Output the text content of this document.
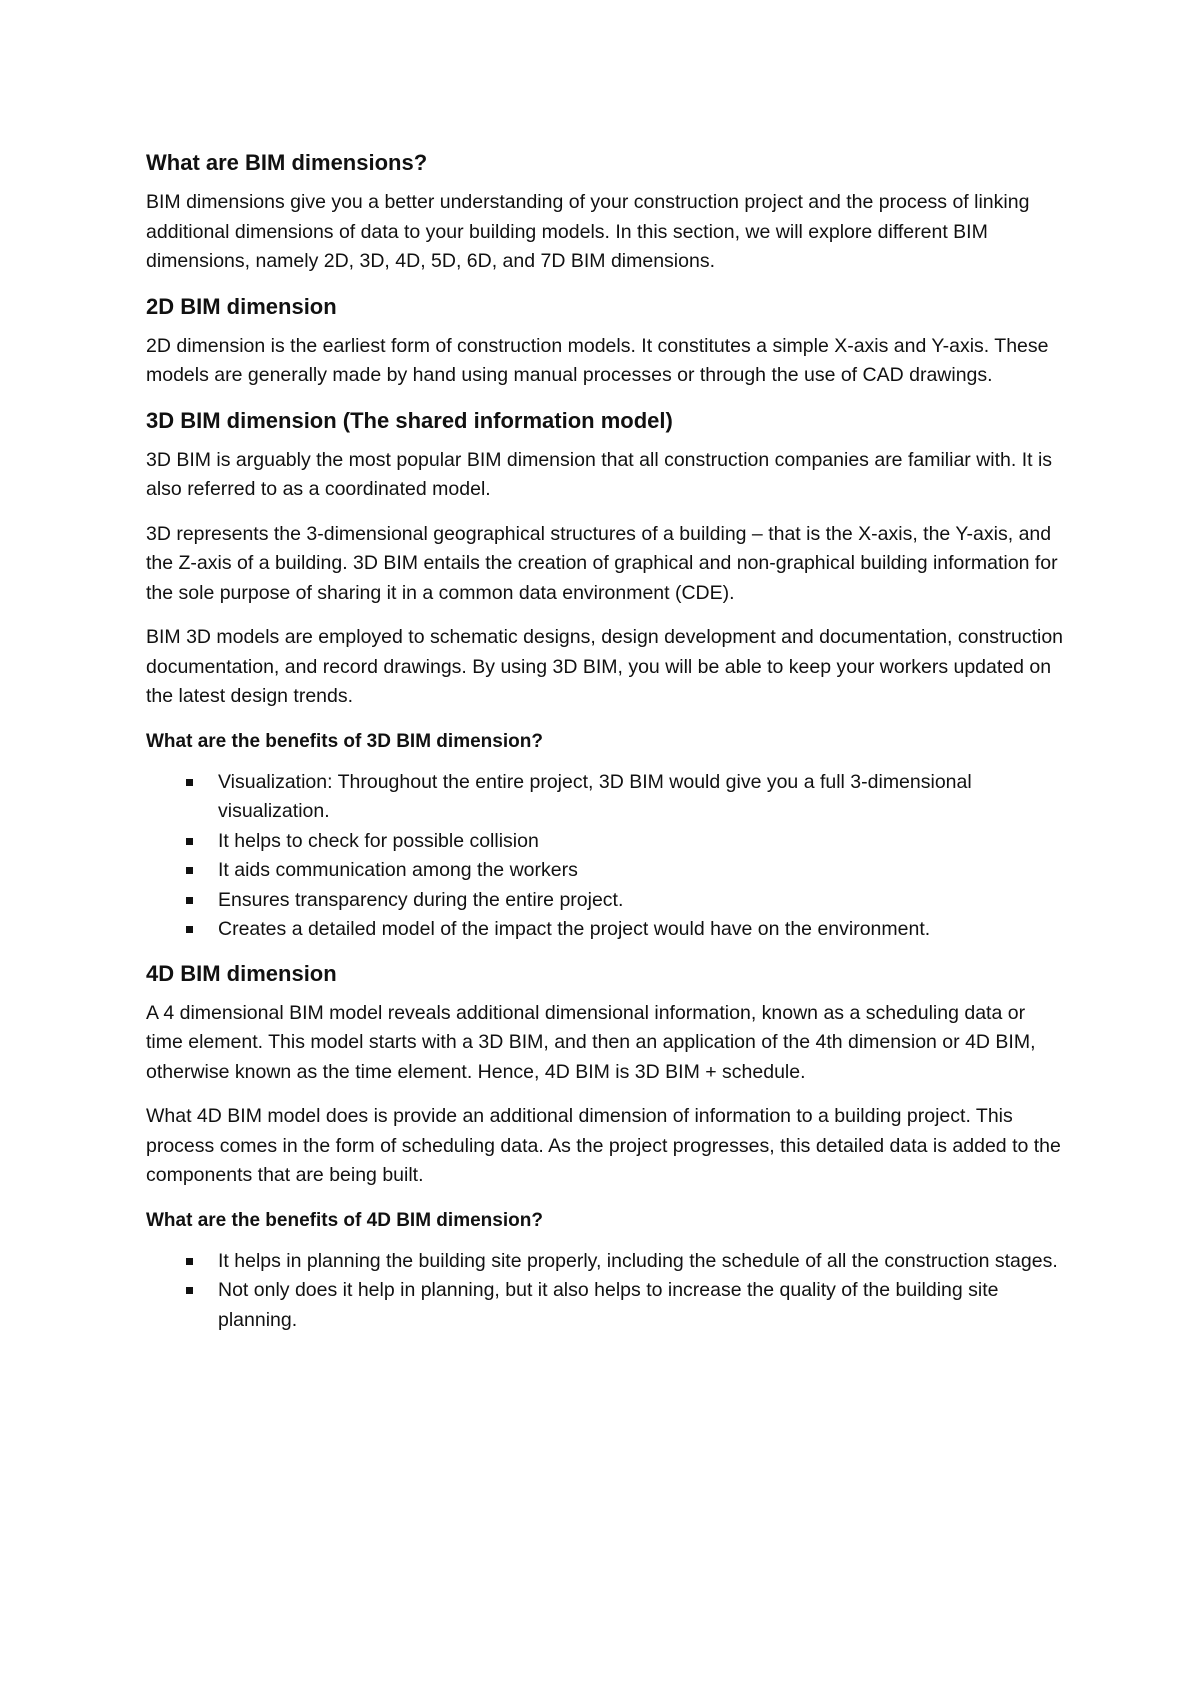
What are BIM dimensions?

BIM dimensions give you a better understanding of your construction project and the process of linking additional dimensions of data to your building models. In this section, we will explore different BIM dimensions, namely 2D, 3D, 4D, 5D, 6D, and 7D BIM dimensions.

2D BIM dimension

2D dimension is the earliest form of construction models. It constitutes a simple X-axis and Y-axis. These models are generally made by hand using manual processes or through the use of CAD drawings.

3D BIM dimension (The shared information model)

3D BIM is arguably the most popular BIM dimension that all construction companies are familiar with. It is also referred to as a coordinated model.

3D represents the 3-dimensional geographical structures of a building – that is the X-axis, the Y-axis, and the Z-axis of a building. 3D BIM entails the creation of graphical and non-graphical building information for the sole purpose of sharing it in a common data environment (CDE).

BIM 3D models are employed to schematic designs, design development and documentation, construction documentation, and record drawings. By using 3D BIM, you will be able to keep your workers updated on the latest design trends.

What are the benefits of 3D BIM dimension?
Visualization: Throughout the entire project, 3D BIM would give you a full 3-dimensional visualization.
It helps to check for possible collision
It aids communication among the workers
Ensures transparency during the entire project.
Creates a detailed model of the impact the project would have on the environment.
4D BIM dimension

A 4 dimensional BIM model reveals additional dimensional information, known as a scheduling data or time element. This model starts with a 3D BIM, and then an application of the 4th dimension or 4D BIM, otherwise known as the time element. Hence, 4D BIM is 3D BIM + schedule.

What 4D BIM model does is provide an additional dimension of information to a building project. This process comes in the form of scheduling data. As the project progresses, this detailed data is added to the components that are being built.

What are the benefits of 4D BIM dimension?
It helps in planning the building site properly, including the schedule of all the construction stages.
Not only does it help in planning, but it also helps to increase the quality of the building site planning.
